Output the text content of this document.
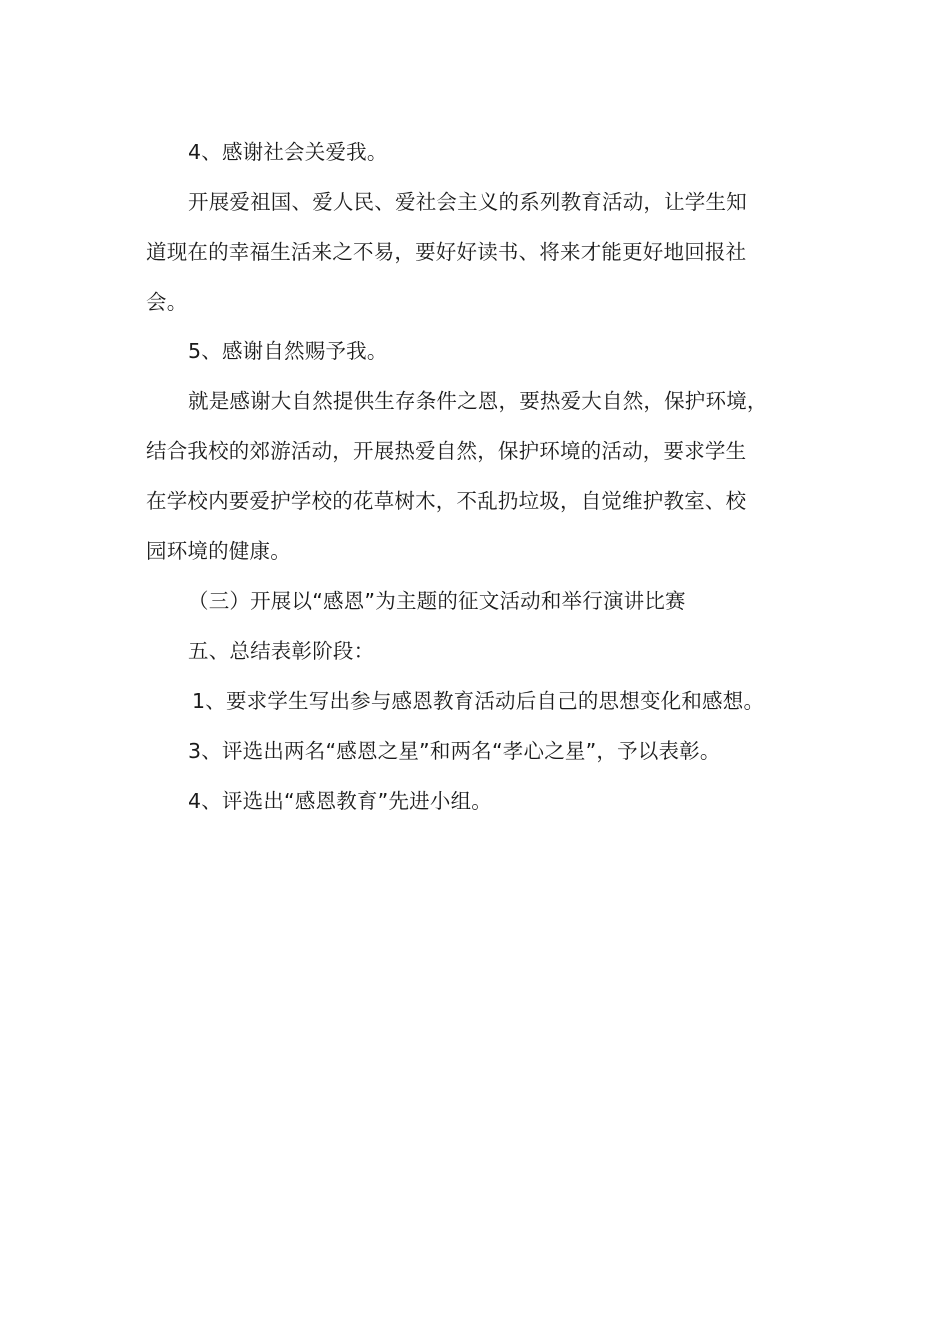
4、感谢社会关爱我。
开展爱祖国、爱人民、爱社会主义的系列教育活动，让学生知
道现在的幸福生活来之不易，要好好读书、将来才能更好地回报社
会。
5、感谢自然赐予我。
就是感谢大自然提供生存条件之恩，要热爱大自然，保护环境，
结合我校的郊游活动，开展热爱自然，保护环境的活动，要求学生
在学校内要爱护学校的花草树木，不乱扔垃圾，自觉维护教室、校
园环境的健康。
（三）开展以“感恩”为主题的征文活动和举行演讲比赛
五、总结表彰阶段：
1、要求学生写出参与感恩教育活动后自己的思想变化和感想。
3、评选出两名“感恩之星”和两名“孝心之星”，予以表彰。
4、评选出“感恩教育”先进小组。
